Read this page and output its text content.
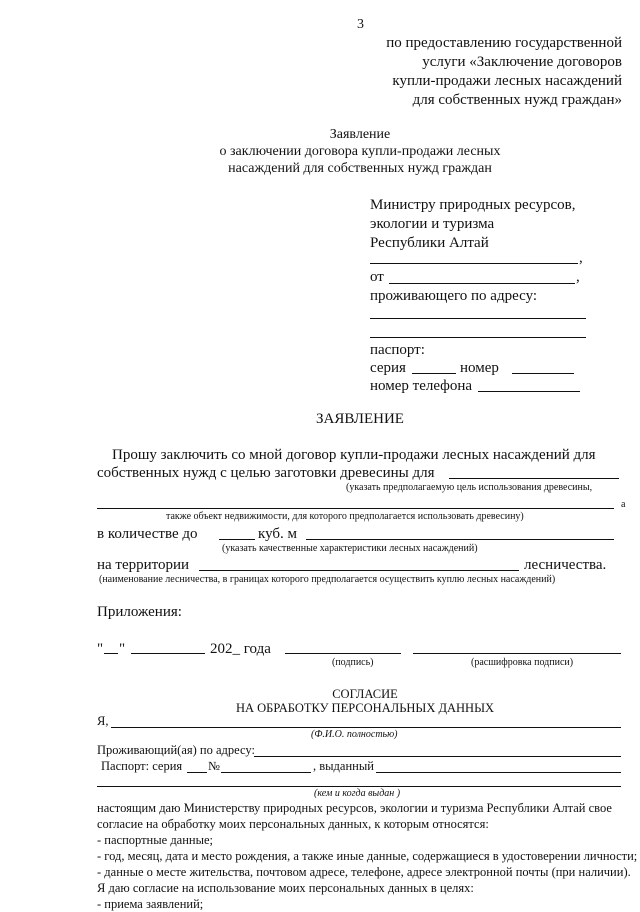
3
по предоставлению государственной
услуги «Заключение договоров
купли-продажи лесных насаждений
для собственных нужд граждан»
Заявление
о заключении договора купли-продажи лесных
насаждений для собственных нужд граждан
Министру природных ресурсов,
экологии и туризма
Республики Алтай
,
от	,
проживающего по адресу:
паспорт:
серия	номер
номер телефона
ЗАЯВЛЕНИЕ
Прошу заключить со мной договор купли-продажи лесных насаждений для
собственных нужд с целью заготовки древесины для
(указать предполагаемую цель использования древесины,
а
также объект недвижимости, для которого предполагается использовать древесину)
в количестве до	куб. м
(указать качественные характеристики лесных насаждений)
на территории	лесничества.
(наименование лесничества, в границах которого предполагается осуществить куплю лесных насаждений)
Приложения:
" "	202_ года
(подпись)	(расшифровка подписи)
СОГЛАСИЕ
НА ОБРАБОТКУ ПЕРСОНАЛЬНЫХ ДАННЫХ
Я,
(Ф.И.О. полностью)
Проживающий(ая) по адресу:
Паспорт: серия №	, выданный
(кем и когда выдан )
настоящим даю Министерству природных ресурсов, экологии и туризма Республики Алтай свое
согласие на обработку моих персональных данных, к которым относятся:
- паспортные данные;
- год, месяц, дата и место рождения, а также иные данные, содержащиеся в удостоверении личности;
- данные о месте жительства, почтовом адресе, телефоне, адресе электронной почты (при наличии).
Я даю согласие на использование моих персональных данных в целях:
- приема заявлений;
